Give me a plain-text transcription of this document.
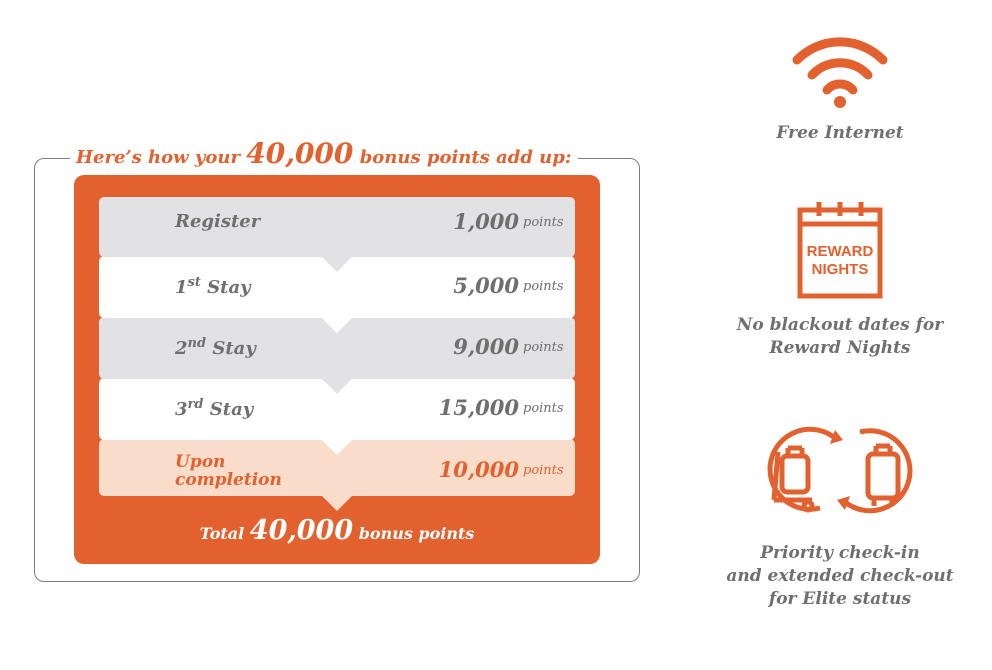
Here’s how your 40,000 bonus points add up:
Register	1,000 points
1st Stay	5,000 points
2nd Stay	9,000 points
3rd Stay	15,000 points
Upon
completion	10,000 points
Total 40,000 bonus points
Free Internet
REWARD
NIGHTS
No blackout dates for
Reward Nights
Priority check-in
and extended check-out
for Elite status
